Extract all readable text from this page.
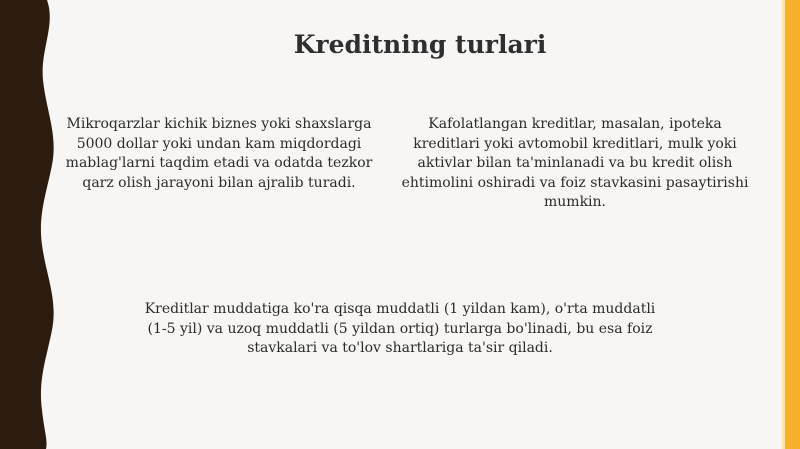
Kreditning turlari

Mikroqarzlar kichik biznes yoki shaxslarga 5000 dollar yoki undan kam miqdordagi mablag'larni taqdim etadi va odatda tezkor qarz olish jarayoni bilan ajralib turadi.

Kafolatlangan kreditlar, masalan, ipoteka kreditlari yoki avtomobil kreditlari, mulk yoki aktivlar bilan ta'minlanadi va bu kredit olish ehtimolini oshiradi va foiz stavkasini pasaytirishi mumkin.

Kreditlar muddatiga ko'ra qisqa muddatli (1 yildan kam), o'rta muddatli (1-5 yil) va uzoq muddatli (5 yildan ortiq) turlarga bo'linadi, bu esa foiz stavkalari va to'lov shartlariga ta'sir qiladi.
